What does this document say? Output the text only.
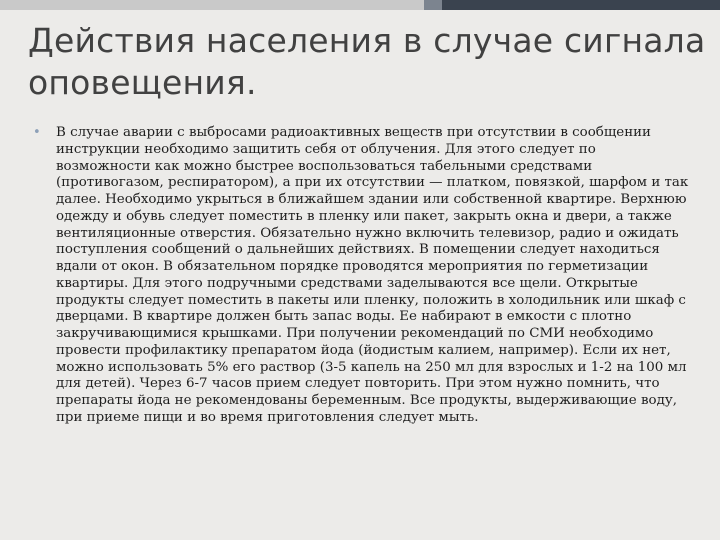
Действия населения в случае сигнала оповещения.
• В случае аварии с выбросами радиоактивных веществ при отсутствии в сообщении инструкции необходимо защитить себя от облучения. Для этого следует по возможности как можно быстрее воспользоваться табельными средствами (противогазом, респиратором), а при их отсутствии — платком, повязкой, шарфом и так далее. Необходимо укрыться в ближайшем здании или собственной квартире. Верхнюю одежду и обувь следует поместить в пленку или пакет, закрыть окна и двери, а также вентиляционные отверстия. Обязательно нужно включить телевизор, радио и ожидать поступления сообщений о дальнейших действиях. В помещении следует находиться вдали от окон. В обязательном порядке проводятся мероприятия по герметизации квартиры. Для этого подручными средствами заделываются все щели. Открытые продукты следует поместить в пакеты или пленку, положить в холодильник или шкаф с дверцами. В квартире должен быть запас воды. Ее набирают в емкости с плотно закручивающимися крышками. При получении рекомендаций по СМИ необходимо провести профилактику препаратом йода (йодистым калием, например). Если их нет, можно использовать 5% его раствор (3-5 капель на 250 мл для взрослых и 1-2 на 100 мл для детей). Через 6-7 часов прием следует повторить. При этом нужно помнить, что препараты йода не рекомендованы беременным. Все продукты, выдерживающие воду, при приеме пищи и во время приготовления следует мыть.
